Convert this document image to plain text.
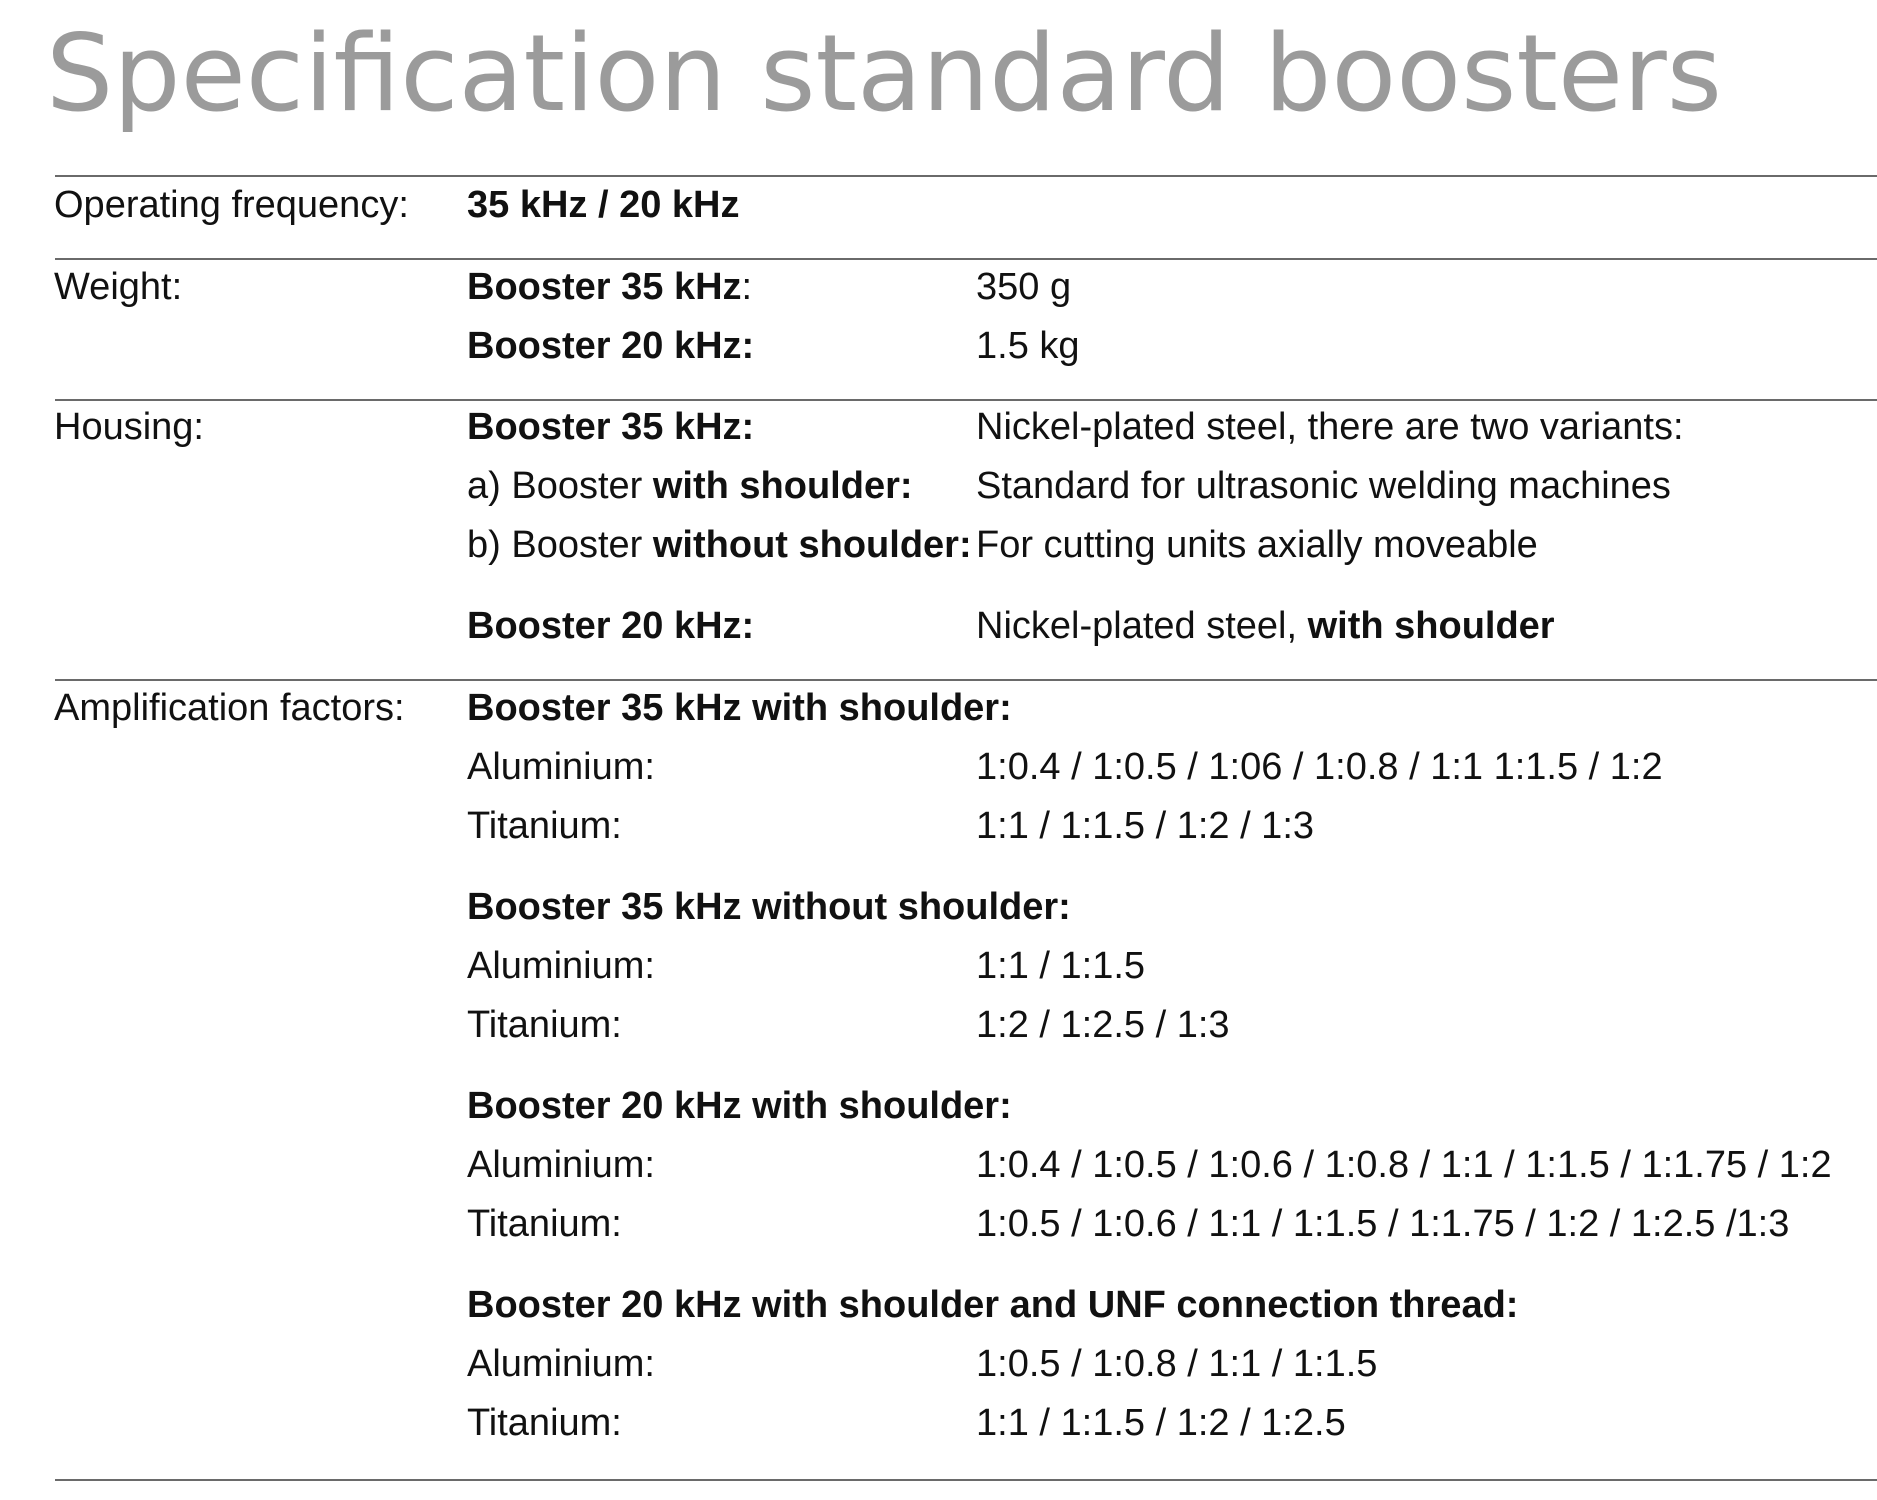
Specification standard boosters
Operating frequency: 35 kHz / 20 kHz
Weight:	Booster 35 kHz:	350 g
Booster 20 kHz:	1.5 kg
Housing:	Booster 35 kHz:	Nickel-plated steel, there are two variants:
a) Booster with shoulder: Standard for ultrasonic welding machines
b) Booster without shoulder: For cutting units axially moveable
Booster 20 kHz:	Nickel-plated steel, with shoulder
Amplification factors: Booster 35 kHz with shoulder:
Aluminium:	1:0.4 / 1:0.5 / 1:06 / 1:0.8 / 1:1 1:1.5 / 1:2
Titanium:	1:1 / 1:1.5 / 1:2 / 1:3
Booster 35 kHz without shoulder:
Aluminium:	1:1 / 1:1.5
Titanium:	1:2 / 1:2.5 / 1:3
Booster 20 kHz with shoulder:
Aluminium:	1:0.4 / 1:0.5 / 1:0.6 / 1:0.8 / 1:1 / 1:1.5 / 1:1.75 / 1:2
Titanium:	1:0.5 / 1:0.6 / 1:1 / 1:1.5 / 1:1.75 / 1:2 / 1:2.5 /1:3
Booster 20 kHz with shoulder and UNF connection thread:
Aluminium:	1:0.5 / 1:0.8 / 1:1 / 1:1.5
Titanium:	1:1 / 1:1.5 / 1:2 / 1:2.5
